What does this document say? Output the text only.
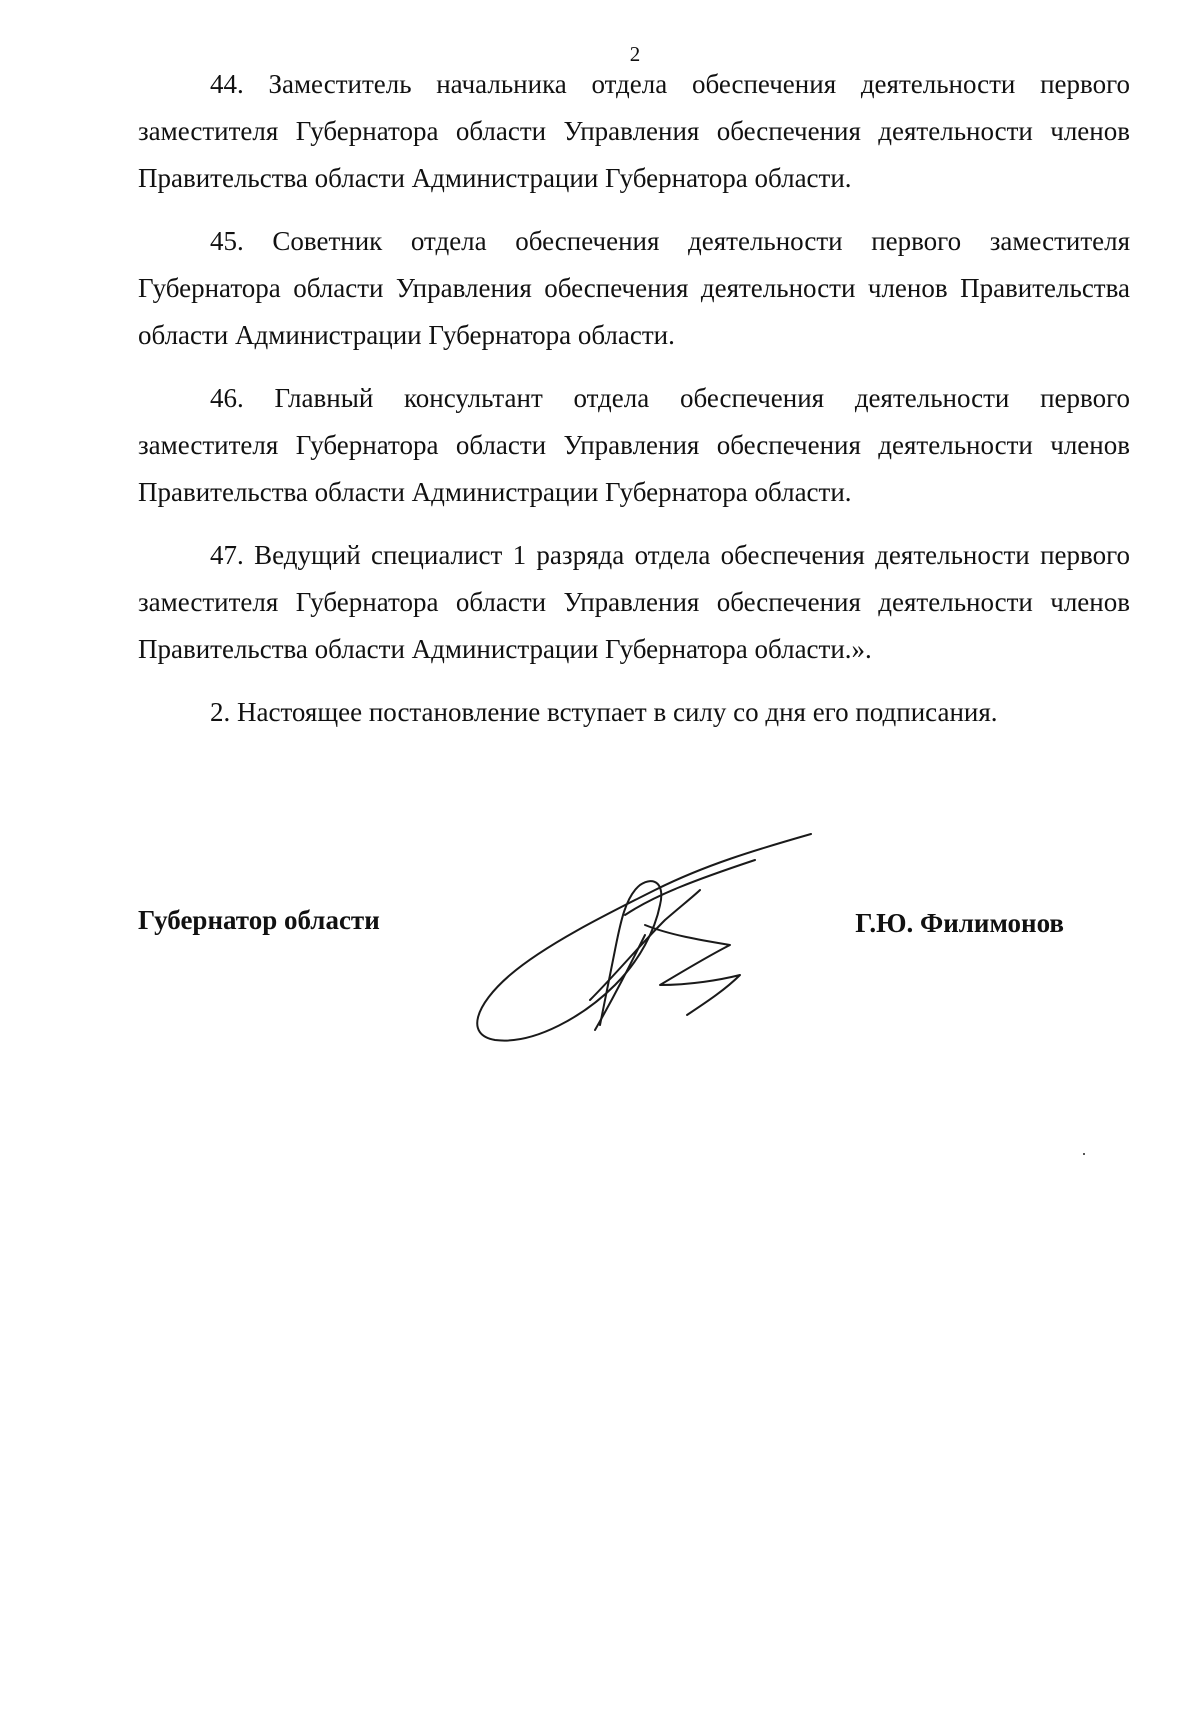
2

44. Заместитель начальника отдела обеспечения деятельности первого заместителя Губернатора области Управления обеспечения деятельности членов Правительства области Администрации Губернатора области.

45. Советник отдела обеспечения деятельности первого заместителя Губернатора области Управления обеспечения деятельности членов Правительства области Администрации Губернатора области.

46. Главный консультант отдела обеспечения деятельности первого заместителя Губернатора области Управления обеспечения деятельности членов Правительства области Администрации Губернатора области.

47. Ведущий специалист 1 разряда отдела обеспечения деятельности первого заместителя Губернатора области Управления обеспечения деятельности членов Правительства области Администрации Губернатора области.».

2. Настоящее постановление вступает в силу со дня его подписания.

Губернатор области	Г.Ю. Филимонов
